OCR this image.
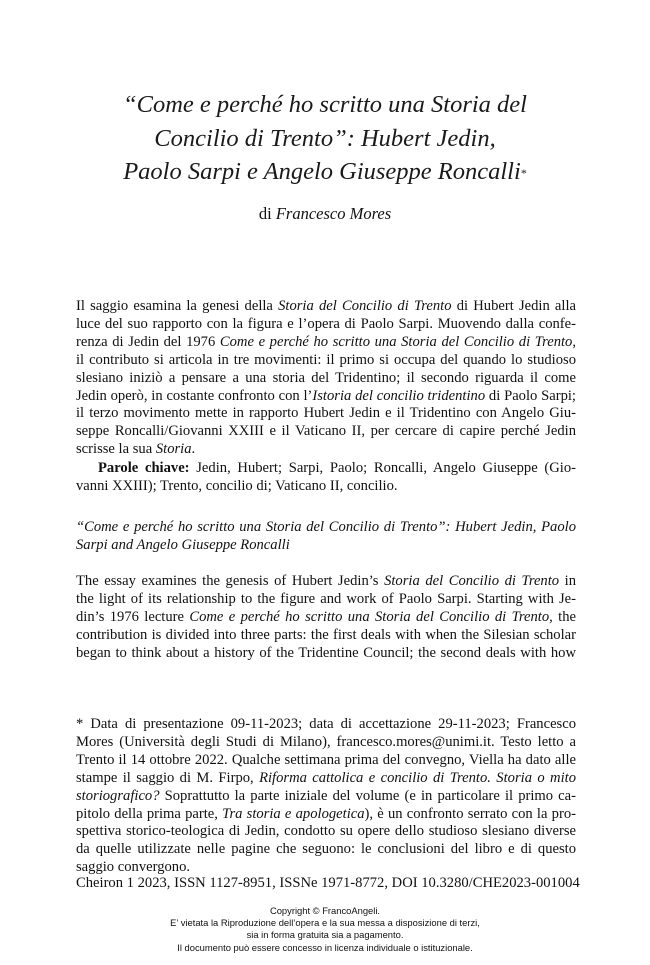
“Come e perché ho scritto una Storia del
Concilio di Trento”: Hubert Jedin,
Paolo Sarpi e Angelo Giuseppe Roncalli*
di Francesco Mores
Il saggio esamina la genesi della Storia del Concilio di Trento di Hubert Jedin alla
luce del suo rapporto con la figura e l’opera di Paolo Sarpi. Muovendo dalla confe-
renza di Jedin del 1976 Come e perché ho scritto una Storia del Concilio di Trento,
il contributo si articola in tre movimenti: il primo si occupa del quando lo studioso
slesiano iniziò a pensare a una storia del Tridentino; il secondo riguarda il come
Jedin operò, in costante confronto con l’Istoria del concilio tridentino di Paolo Sarpi;
il terzo movimento mette in rapporto Hubert Jedin e il Tridentino con Angelo Giu-
seppe Roncalli/Giovanni XXIII e il Vaticano II, per cercare di capire perché Jedin
scrisse la sua Storia.
Parole chiave: Jedin, Hubert; Sarpi, Paolo; Roncalli, Angelo Giuseppe (Gio-
vanni XXIII); Trento, concilio di; Vaticano II, concilio.
“Come e perché ho scritto una Storia del Concilio di Trento”: Hubert Jedin, Paolo
Sarpi and Angelo Giuseppe Roncalli
The essay examines the genesis of Hubert Jedin’s Storia del Concilio di Trento in
the light of its relationship to the figure and work of Paolo Sarpi. Starting with Je-
din’s 1976 lecture Come e perché ho scritto una Storia del Concilio di Trento, the
contribution is divided into three parts: the first deals with when the Silesian scholar
began to think about a history of the Tridentine Council; the second deals with how
* Data di presentazione 09-11-2023; data di accettazione 29-11-2023; Francesco
Mores (Università degli Studi di Milano), francesco.mores@unimi.it. Testo letto a
Trento il 14 ottobre 2022. Qualche settimana prima del convegno, Viella ha dato alle
stampe il saggio di M. Firpo, Riforma cattolica e concilio di Trento. Storia o mito
storiografico? Soprattutto la parte iniziale del volume (e in particolare il primo ca-
pitolo della prima parte, Tra storia e apologetica), è un confronto serrato con la pro-
spettiva storico-teologica di Jedin, condotto su opere dello studioso slesiano diverse
da quelle utilizzate nelle pagine che seguono: le conclusioni del libro e di questo
saggio convergono.
Cheiron 1 2023, ISSN 1127-8951, ISSNe 1971-8772, DOI 10.3280/CHE2023-001004
Copyright © FrancoAngeli.
E’ vietata la Riproduzione dell’opera e la sua messa a disposizione di terzi,
sia in forma gratuita sia a pagamento.
Il documento può essere concesso in licenza individuale o istituzionale.
